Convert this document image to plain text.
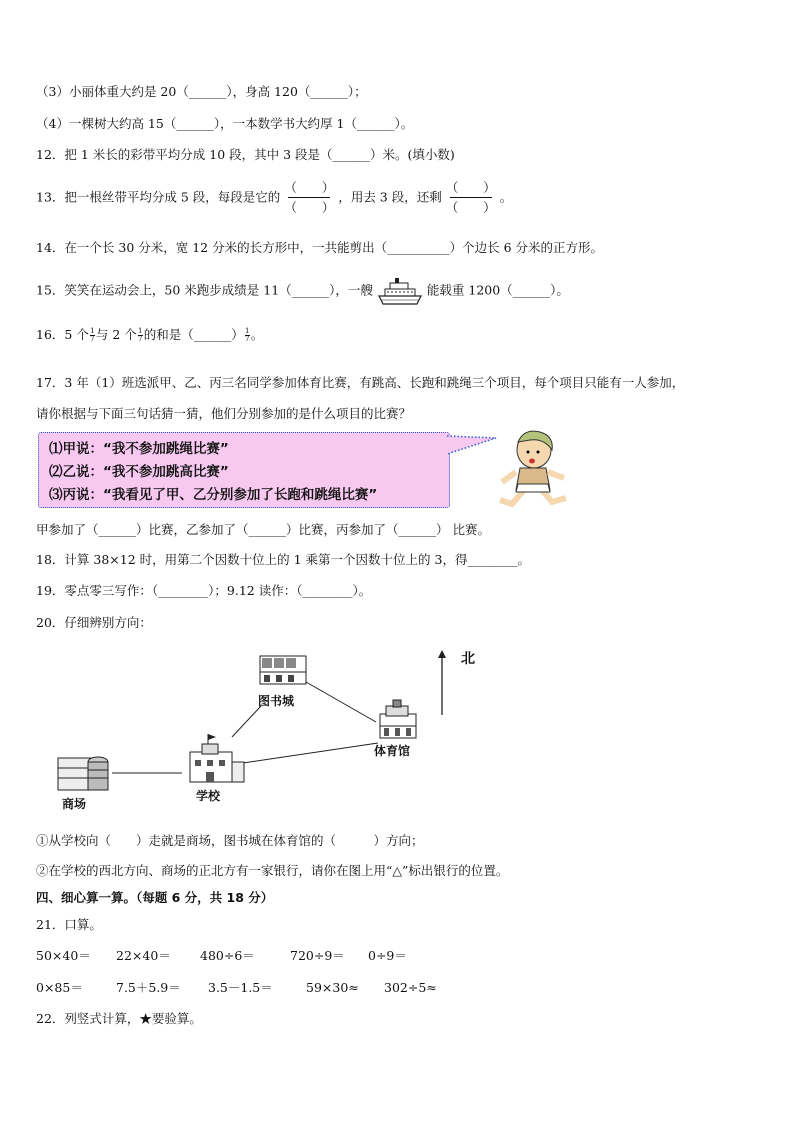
（3）小丽体重大约是 20（______），身高 120（______）；
（4）一棵树大约高 15（______），一本数学书大约厚 1（______）。
12．把 1 米长的彩带平均分成 10 段，其中 3 段是（______）米。(填小数)
13．把一根丝带平均分成 5 段，每段是它的 $\frac{( )}{( )}$ ，用去 3 段，还剩 $\frac{( )}{( )}$ 。
14．在一个长 30 分米，宽 12 分米的长方形中，一共能剪出（__________）个边长 6 分米的正方形。
15．笑笑在运动会上，50 米跑步成绩是 11（______），一艘	能载重 1200（______）。
16．5 个 $\frac{1}{7}$ 与 2 个 $\frac{1}{7}$ 的和是（______） $\frac{1}{7}$ 。
17．3 年（1）班选派甲、乙、丙三名同学参加体育比赛，有跳高、长跑和跳绳三个项目，每个项目只能有一人参加，
请你根据与下面三句话猜一猜，他们分别参加的是什么项目的比赛？
⑴甲说：“我不参加跳绳比赛”
⑵乙说：“我不参加跳高比赛”
⑶丙说：“我看见了甲、乙分别参加了长跑和跳绳比赛”
甲参加了（______）比赛，乙参加了（______）比赛，丙参加了（______） 比赛。
18．计算 38×12 时，用第二个因数十位上的 1 乘第一个因数十位上的 3，得________。
19．零点零三写作：（________）；9.12 读作：（________）。
20．仔细辨别方向：
北
图书城
体育馆
商场
学校
①从学校向（　　）走就是商场，图书城在体育馆的（　　　）方向；
②在学校的西北方向、商场的正北方有一家银行，请你在图上用“△”标出银行的位置。
四、细心算一算。（每题 6 分，共 18 分）
21．口算。
50×40＝ 22×40＝ 480÷6＝	720÷9＝ 0÷9＝
0×85＝	7.5＋5.9＝ 3.5－1.5＝	59×30≈ 302÷5≈
22．列竖式计算，★要验算。
